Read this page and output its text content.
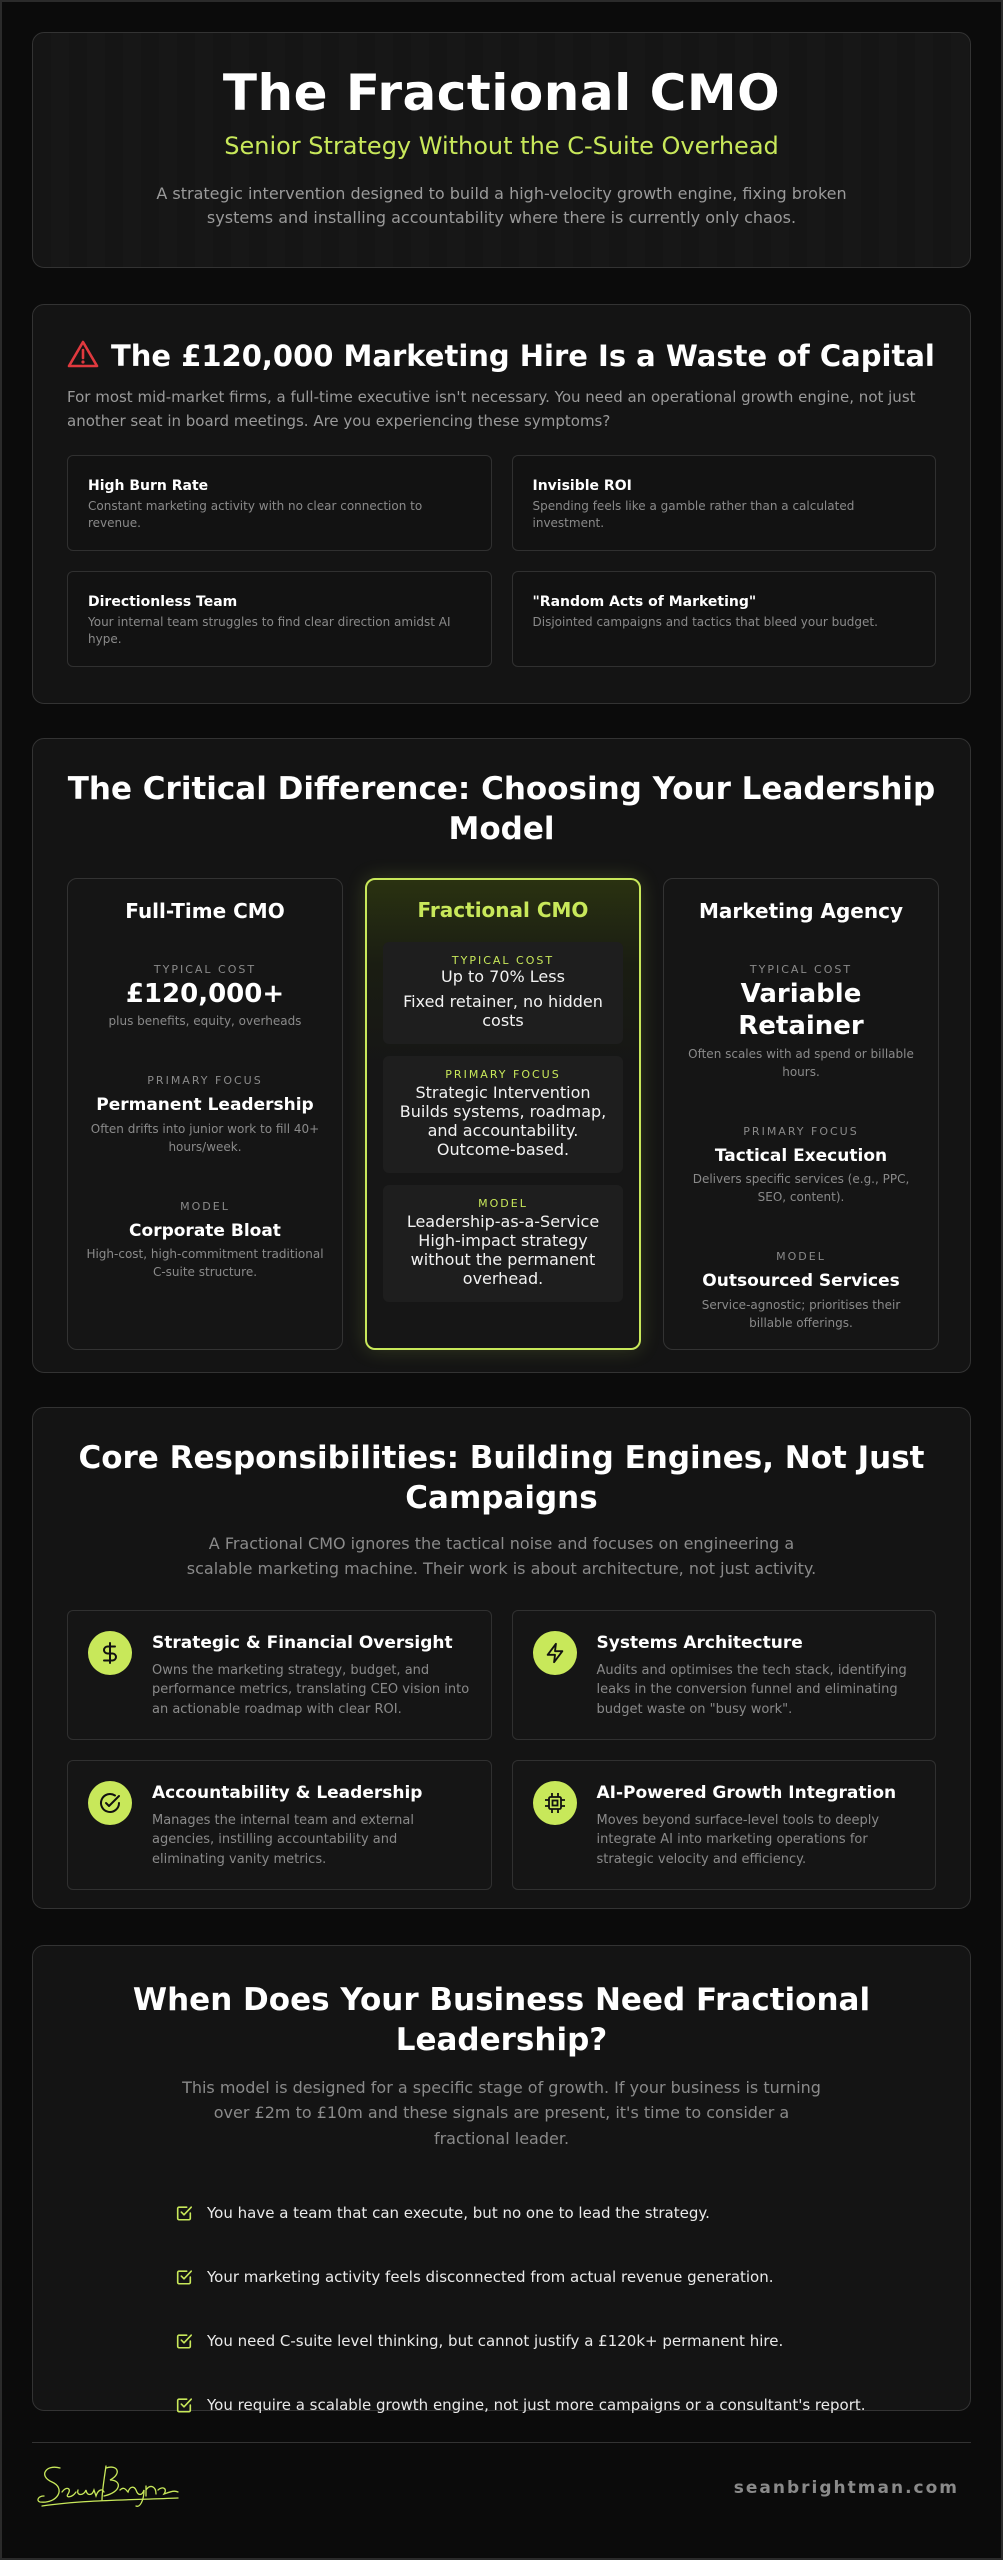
The Fractional CMO
Senior Strategy Without the C-Suite Overhead

A strategic intervention designed to build a high-velocity growth engine, fixing broken systems and installing accountability where there is currently only chaos.

The £120,000 Marketing Hire Is a Waste of Capital

For most mid-market firms, a full-time executive isn't necessary. You need an operational growth engine, not just another seat in board meetings. Are you experiencing these symptoms?

High Burn Rate
Constant marketing activity with no clear connection to revenue.
Invisible ROI
Spending feels like a gamble rather than a calculated investment.
Directionless Team
Your internal team struggles to find clear direction amidst AI hype.
"Random Acts of Marketing"
Disjointed campaigns and tactics that bleed your budget.
The Critical Difference: Choosing Your Leadership Model
Full-Time CMO
TYPICAL COST
£120,000+
plus benefits, equity, overheads
PRIMARY FOCUS
Permanent Leadership
Often drifts into junior work to fill 40+ hours/week.
MODEL
Corporate Bloat
High-cost, high-commitment traditional C-suite structure.
Fractional CMO
TYPICAL COST
Up to 70% Less
Fixed retainer, no hidden costs
PRIMARY FOCUS
Strategic Intervention
Builds systems, roadmap, and accountability. Outcome-based.
MODEL
Leadership-as-a-Service
High-impact strategy without the permanent overhead.
Marketing Agency
TYPICAL COST
Variable Retainer
Often scales with ad spend or billable hours.
PRIMARY FOCUS
Tactical Execution
Delivers specific services (e.g., PPC, SEO, content).
MODEL
Outsourced Services
Service-agnostic; prioritises their billable offerings.
Core Responsibilities: Building Engines, Not Just Campaigns

A Fractional CMO ignores the tactical noise and focuses on engineering a scalable marketing machine. Their work is about architecture, not just activity.

Strategic & Financial Oversight
Owns the marketing strategy, budget, and performance metrics, translating CEO vision into an actionable roadmap with clear ROI.
Systems Architecture
Audits and optimises the tech stack, identifying leaks in the conversion funnel and eliminating budget waste on "busy work".
Accountability & Leadership
Manages the internal team and external agencies, instilling accountability and eliminating vanity metrics.
AI-Powered Growth Integration
Moves beyond surface-level tools to deeply integrate AI into marketing operations for strategic velocity and efficiency.
When Does Your Business Need Fractional Leadership?

This model is designed for a specific stage of growth. If your business is turning over £2m to £10m and these signals are present, it's time to consider a fractional leader.

You have a team that can execute, but no one to lead the strategy.
Your marketing activity feels disconnected from actual revenue generation.
You need C-suite level thinking, but cannot justify a £120k+ permanent hire.
You require a scalable growth engine, not just more campaigns or a consultant's report.
seanbrightman.com
